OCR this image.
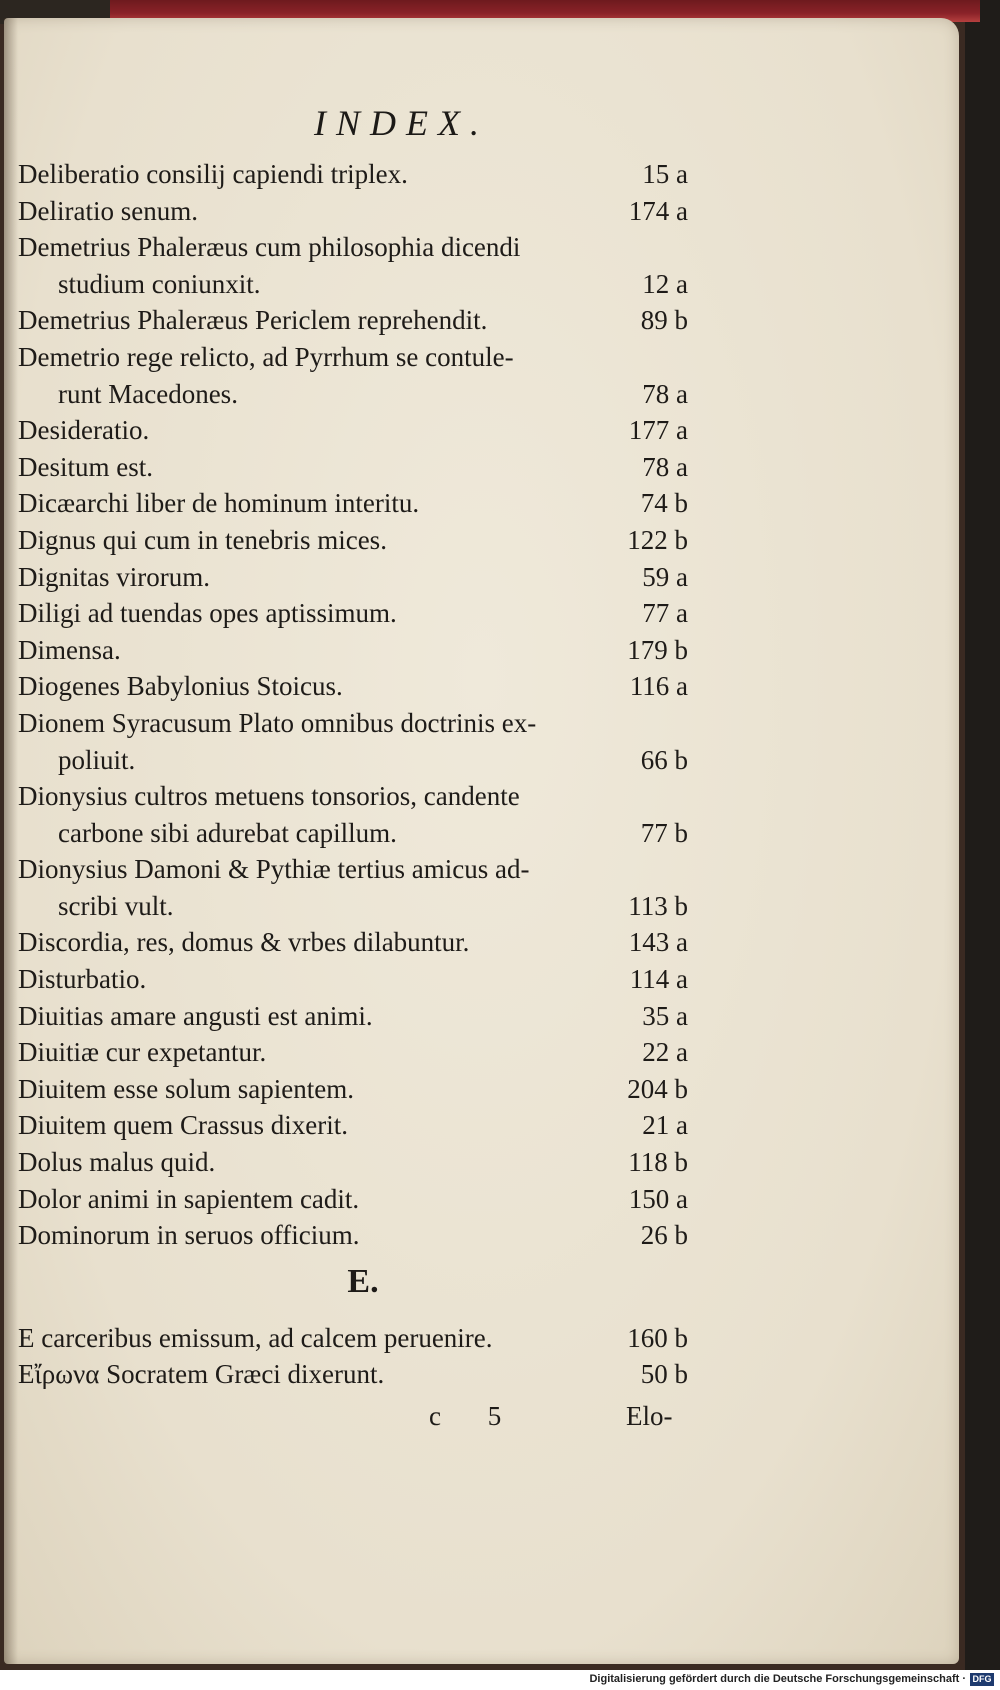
INDEX.
Deliberatio consilij capiendi triplex.	15 a
Deliratio senum.	174 a
Demetrius Phaleræus cum philosophia dicendi
studium coniunxit.	12 a
Demetrius Phaleræus Periclem reprehendit.	89 b
Demetrio rege relicto, ad Pyrrhum se contule-
runt Macedones.	78 a
Desideratio.	177 a
Desitum est.	78 a
Dicæarchi liber de hominum interitu.	74 b
Dignus qui cum in tenebris mices.	122 b
Dignitas virorum.	59 a
Diligi ad tuendas opes aptissimum.	77 a
Dimensa.	179 b
Diogenes Babylonius Stoicus.	116 a
Dionem Syracusum Plato omnibus doctrinis ex-
poliuit.	66 b
Dionysius cultros metuens tonsorios, candente
carbone sibi adurebat capillum.	77 b
Dionysius Damoni & Pythiæ tertius amicus ad-
scribi vult.	113 b
Discordia, res, domus & vrbes dilabuntur.	143 a
Disturbatio.	114 a
Diuitias amare angusti est animi.	35 a
Diuitiæ cur expetantur.	22 a
Diuitem esse solum sapientem.	204 b
Diuitem quem Crassus dixerit.	21 a
Dolus malus quid.	118 b
Dolor animi in sapientem cadit.	150 a
Dominorum in seruos officium.	26 b
E.
E carceribus emissum, ad calcem peruenire.	160 b
Εἴρωνα Socratem Græci dixerunt.	50 b
c 5	Elo-
Digitalisierung gefördert durch die Deutsche Forschungsgemeinschaft · DFG
